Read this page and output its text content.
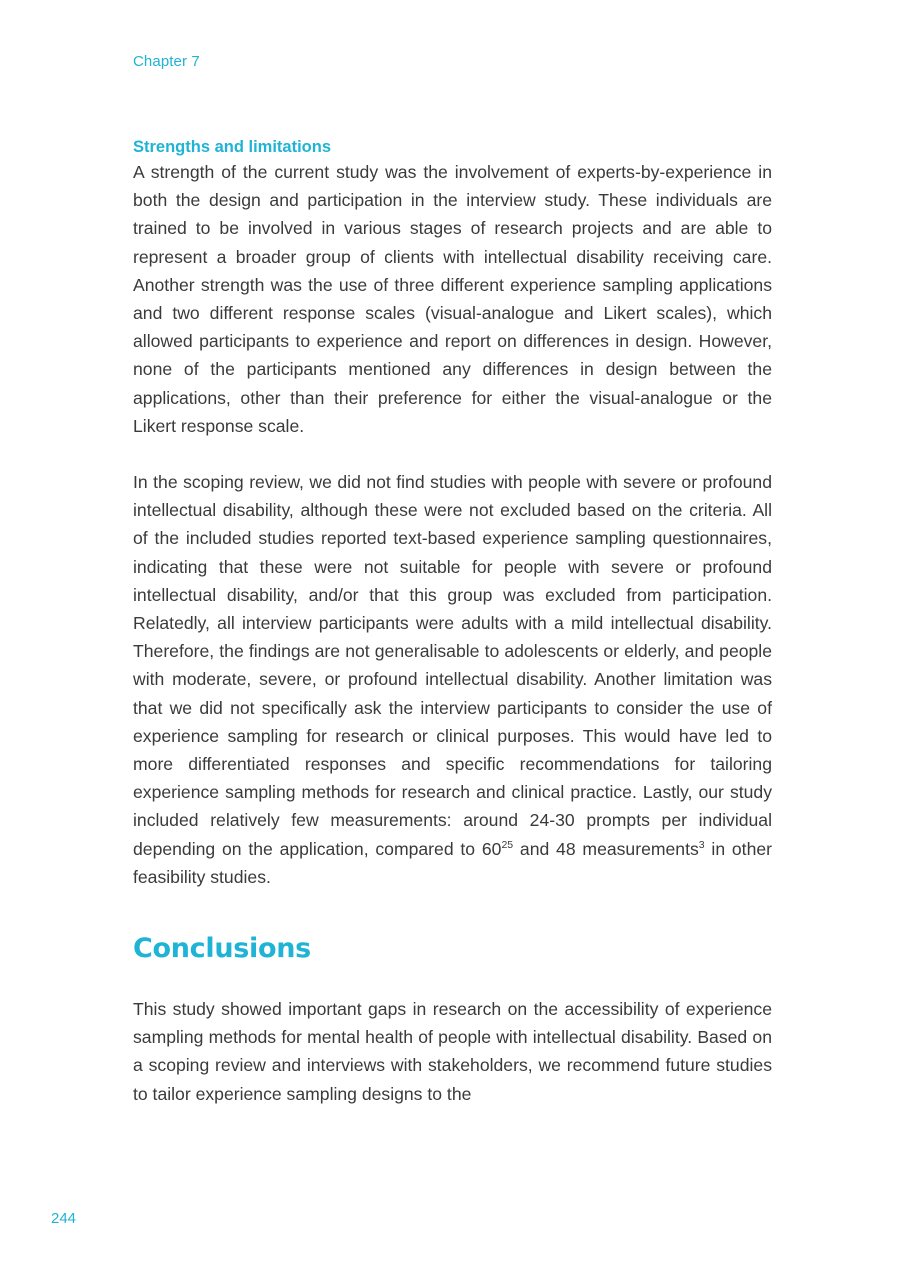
Chapter 7
Strengths and limitations

A strength of the current study was the involvement of experts-by-experience in both the design and participation in the interview study. These individuals are trained to be involved in various stages of research projects and are able to represent a broader group of clients with intellectual disability receiving care. Another strength was the use of three different experience sampling applications and two different response scales (visual-analogue and Likert scales), which allowed participants to experience and report on differences in design. However, none of the participants mentioned any differences in design between the applications, other than their preference for either the visual-analogue or the Likert response scale.

In the scoping review, we did not find studies with people with severe or profound intellectual disability, although these were not excluded based on the criteria. All of the included studies reported text-based experience sampling questionnaires, indicating that these were not suitable for people with severe or profound intellectual disability, and/or that this group was excluded from participation. Relatedly, all interview participants were adults with a mild intellectual disability. Therefore, the findings are not generalisable to adolescents or elderly, and people with moderate, severe, or profound intellectual disability. Another limitation was that we did not specifically ask the interview participants to consider the use of experience sampling for research or clinical purposes. This would have led to more differentiated responses and specific recommendations for tailoring experience sampling methods for research and clinical practice. Lastly, our study included relatively few measurements: around 24-30 prompts per individual depending on the application, compared to $60^{25}$ and 48 measurements$^3$ in other feasibility studies.

Conclusions

This study showed important gaps in research on the accessibility of experience sampling methods for mental health of people with intellectual disability. Based on a scoping review and interviews with stakeholders, we recommend future studies to tailor experience sampling designs to the

244
